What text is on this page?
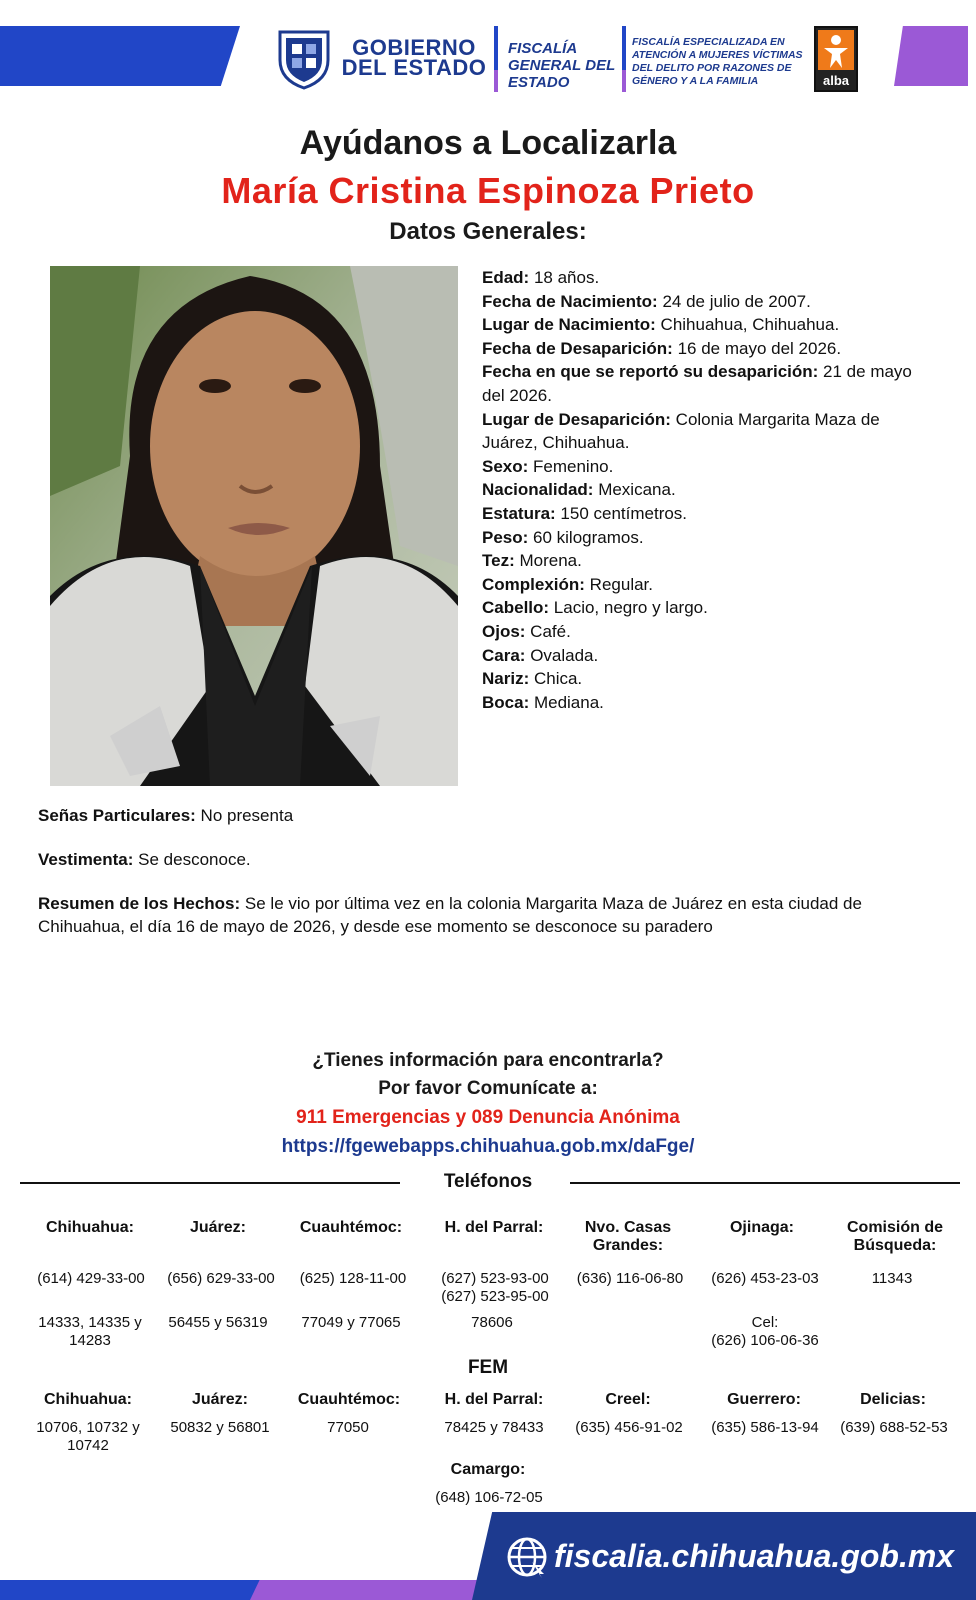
GOBIERNO DEL ESTADO
FISCALÍA GENERAL DEL ESTADO
FISCALÍA ESPECIALIZADA EN ATENCIÓN A MUJERES VÍCTIMAS DEL DELITO POR RAZONES DE GÉNERO Y A LA FAMILIA	alba
Ayúdanos a Localizarla
María Cristina Espinoza Prieto
Datos Generales:
Edad: 18 años.
Fecha de Nacimiento: 24 de julio de 2007.
Lugar de Nacimiento: Chihuahua, Chihuahua.
Fecha de Desaparición: 16 de mayo del 2026.
Fecha en que se reportó su desaparición: 21 de mayo del 2026.
Lugar de Desaparición: Colonia Margarita Maza de Juárez, Chihuahua.
Sexo: Femenino.
Nacionalidad: Mexicana.
Estatura: 150 centímetros.
Peso: 60 kilogramos.
Tez: Morena.
Complexión: Regular.
Cabello: Lacio, negro y largo.
Ojos: Café.
Cara: Ovalada.
Nariz: Chica.
Boca: Mediana.
Señas Particulares: No presenta
Vestimenta: Se desconoce.
Resumen de los Hechos: Se le vio por última vez en la colonia Margarita Maza de Juárez en esta ciudad de Chihuahua, el día 16 de mayo de 2026, y desde ese momento se desconoce su paradero
¿Tienes información para encontrarla?
Por favor Comunícate a:
911 Emergencias y 089 Denuncia Anónima
https://fgewebapps.chihuahua.gob.mx/daFge/
Teléfonos
Chihuahua:
(614) 429-33-00
14333, 14335 y 14283
Juárez:
(656) 629-33-00
56455 y 56319
Cuauhtémoc:
(625) 128-11-00
77049 y 77065
H. del Parral:
(627) 523-93-00
(627) 523-95-00
78606
Nvo. Casas Grandes:
(636) 116-06-80
Ojinaga:
(626) 453-23-03
Cel:
(626) 106-06-36
Comisión de Búsqueda:
11343
FEM
Chihuahua:
10706, 10732 y 10742
Juárez:
50832 y 56801
Cuauhtémoc:
77050
H. del Parral:
78425 y 78433
Creel:
(635) 456-91-02
Guerrero:
(635) 586-13-94
Delicias:
(639) 688-52-53
Camargo:
(648) 106-72-05
fiscalia.chihuahua.gob.mx
